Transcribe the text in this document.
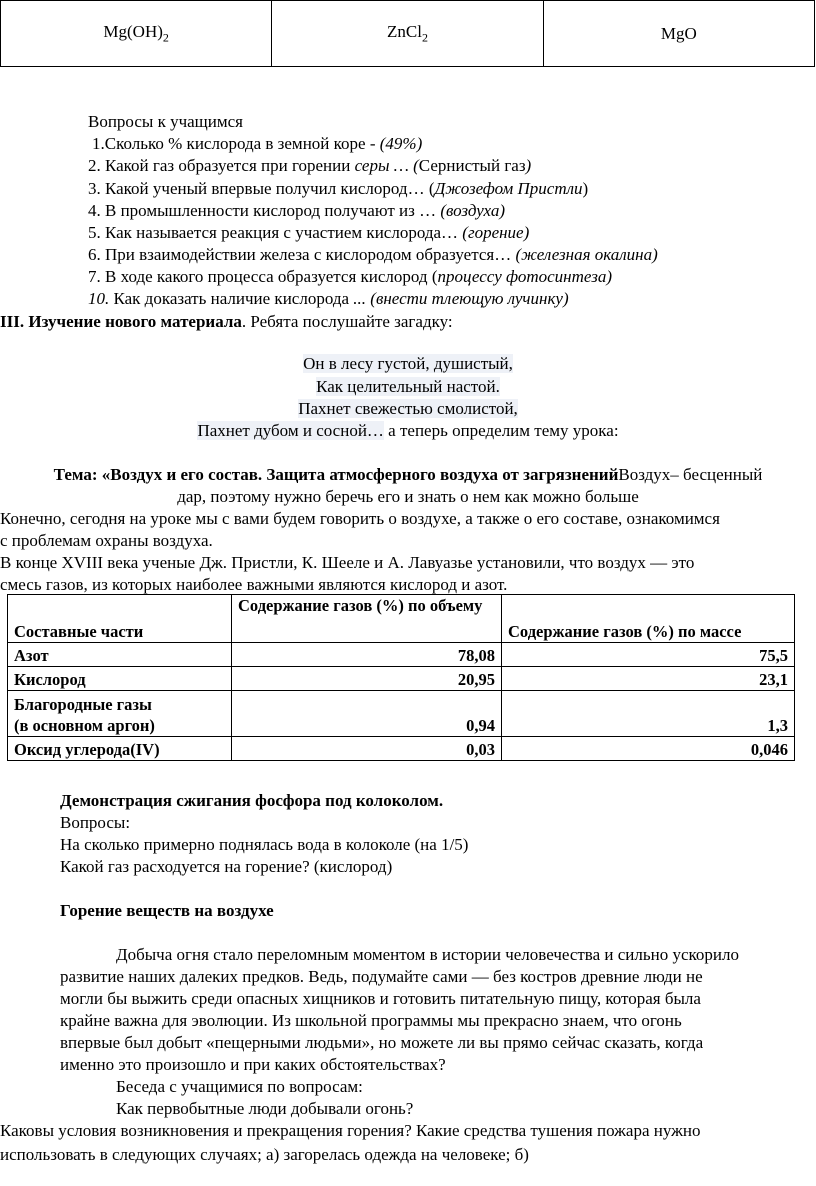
$Mg(OH)_2$	ZnCl$_2$	MgO
Вопросы к учащимся
1.Сколько % кислорода в земной коре - (49%)
2. Какой газ образуется при горении серы … (Сернистый газ)
3. Какой ученый впервые получил кислород… (Джозефом Пристли)
4. В промышленности кислород получают из … (воздуха)
5. Как называется реакция с участием кислорода… (горение)
6. При взаимодействии железа с кислородом образуется… (железная окалина)
7. В ходе какого процесса образуется кислород (процессу фотосинтеза)
10. Как доказать наличие кислорода ... (внести тлеющую лучинку)
III. Изучение нового материала. Ребята послушайте загадку:
Он в лесу густой, душистый,
Как целительный настой.
Пахнет свежестью смолистой,
Пахнет дубом и сосной… а теперь определим тему урока:
Тема: «Воздух и его состав. Защита атмосферного воздуха от загрязненийВоздух– бесценный
дар, поэтому нужно беречь его и знать о нем как можно больше
Конечно, сегодня на уроке мы с вами будем говорить о воздухе, а также о его составе, ознакомимся
с проблемам охраны воздуха.
В конце XVIII века ученые Дж. Пристли, К. Шееле и А. Лавуазье установили, что воздух — это
смесь газов, из которых наиболее важными являются кислород и азот.
Составные части	Содержание газов (%) по объему	Содержание газов (%) по массе
Азот	78,08	75,5
Кислород	20,95	23,1
Благородные газы
(в основном аргон)	0,94	1,3
Оксид углерода(IV)	0,03	0,046
Демонстрация сжигания фосфора под колоколом.
Вопросы:
На сколько примерно поднялась вода в колоколе (на 1/5)
Какой газ расходуется на горение? (кислород)
Горение веществ на воздухе
Добыча огня стало переломным моментом в истории человечества и сильно ускорило
развитие наших далеких предков. Ведь, подумайте сами — без костров древние люди не
могли бы выжить среди опасных хищников и готовить питательную пищу, которая была
крайне важна для эволюции. Из школьной программы мы прекрасно знаем, что огонь
впервые был добыт «пещерными людьми», но можете ли вы прямо сейчас сказать, когда
именно это произошло и при каких обстоятельствах?
Беседа с учащимися по вопросам:
Как первобытные люди добывали огонь?
Каковы условия возникновения и прекращения горения? Какие средства тушения пожара нужно
использовать в следующих случаях; а) загорелась одежда на человеке; б)
